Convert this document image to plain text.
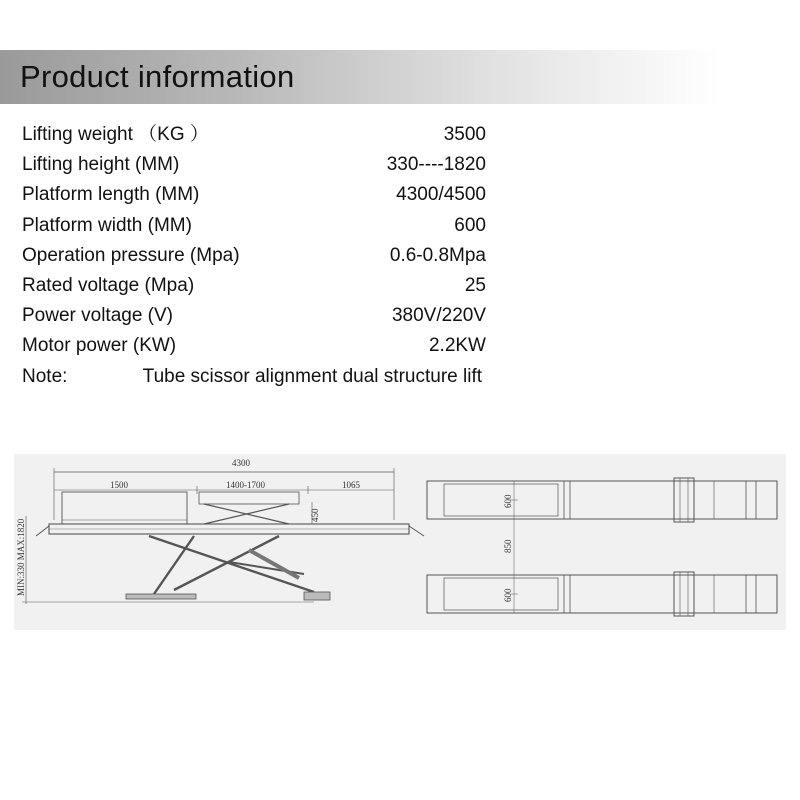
Product information
Lifting weight （KG ）	3500
Lifting height (MM)	330----1820
Platform length (MM)	4300/4500
Platform width (MM)	600
Operation pressure (Mpa)	0.6-0.8Mpa
Rated voltage (Mpa)	25
Power voltage (V)	380V/220V
Motor power (KW)	2.2KW
Note:	Tube scissor alignment dual structure lift
4300
1500	1400-1700	1065
450
MIN:330 MAX:1820
600
850
600
